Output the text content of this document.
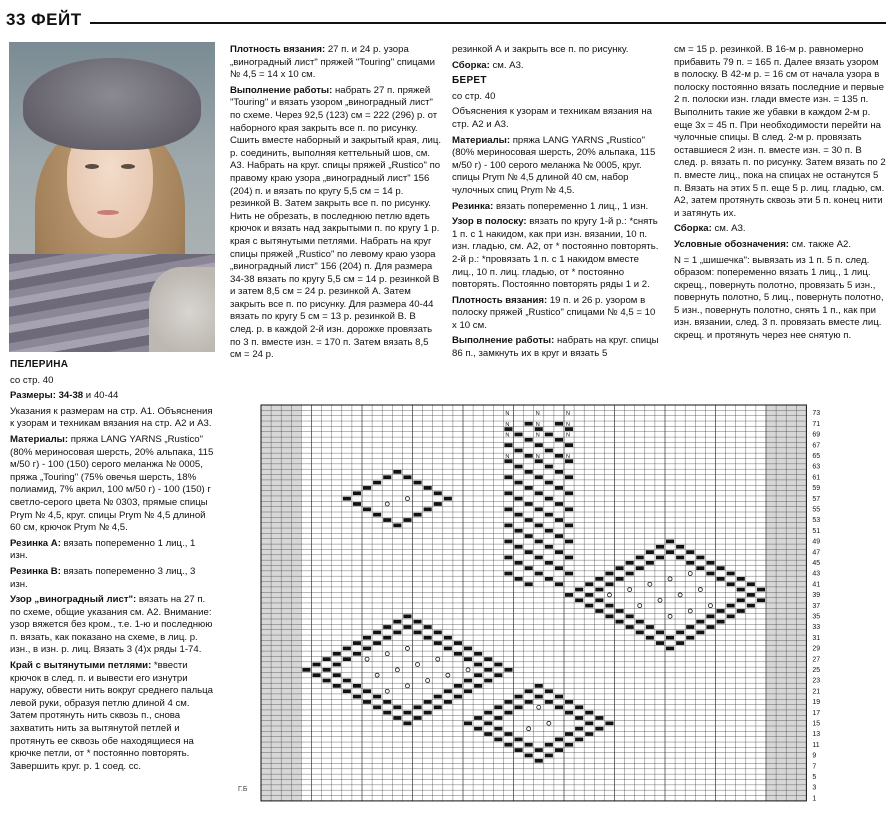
33 ФЕЙТ

ПЕЛЕРИНА

со стр. 40

Размеры: 34-38 и 40-44

Указания к размерам на стр. А1. Объяснения к узорам и техникам вязания на стр. А2 и А3.

Материалы: пряжа LANG YARNS „Rustico" (80% мериносовая шерсть, 20% альпака, 115 м/50 г) - 100 (150) серого меланжа № 0005, пряжа „Touring" (75% овечья шерсть, 18% полиамид, 7% акрил, 100 м/50 г) - 100 (150) г светло-серого цвета № 0303, прямые спицы Prym № 4,5, круг. спицы Prym № 4,5 длиной 60 см, крючок Prym № 4,5.

Резинка А: вязать попеременно 1 лиц., 1 изн.

Резинка В: вязать попеременно 3 лиц., 3 изн.

Узор „виноградный лист": вязать на 27 п. по схеме, общие указания см. А2. Внимание: узор вяжется без кром., т.е. 1-ю и последнюю п. вязать, как показано на схеме, в лиц. р. изн., в изн. р. лиц. Вязать 3 (4)х ряды 1-74.

Край с вытянутыми петлями: *ввести крючок в след. п. и вывести его изнутри наружу, обвести нить вокруг среднего пальца левой руки, образуя петлю длиной 4 см. Затем протянуть нить сквозь п., снова захватить нить за вытянутой петлей и протянуть ее сквозь обе находящиеся на крючке петли, от * постоянно повторять. Завершить круг. р. 1 соед. сс.

Плотность вязания: 27 п. и 24 р. узора „виноградный лист" пряжей "Touring" спицами № 4,5 = 14 x 10 см.

Выполнение работы: набрать 27 п. пряжей "Touring" и вязать узором „виноградный лист" по схеме. Через 92,5 (123) см = 222 (296) р. от наборного края закрыть все п. по рисунку. Сшить вместе наборный и закрытый края, лиц. р. соединить, выполняя кеттельный шов, см. А3. Набрать на круг. спицы пряжей „Rustico" по правому краю узора „виноградный лист" 156 (204) п. и вязать по кругу 5,5 см = 14 р. резинкой В. Затем закрыть все п. по рисунку. Нить не обрезать, в последнюю петлю вдеть крючок и вязать над закрытыми п. по кругу 1 р. края с вытянутыми петлями. Набрать на круг спицы пряжей „Rustico" по левому краю узора „виноградный лист" 156 (204) п. Для размера 34-38 вязать по кругу 5,5 см = 14 р. резинкой В и затем 8,5 см = 24 р. резинкой А. Затем закрыть все п. по рисунку. Для размера 40-44 вязать по кругу 5 см = 13 р. резинкой В. В след. р. в каждой 2-й изн. дорожке провязать по 3 п. вместе изн. = 170 п. Затем вязать 8,5 см = 24 р.

резинкой А и закрыть все п. по рисунку.

Сборка: см. А3.

БЕРЕТ

со стр. 40

Объяснения к узорам и техникам вязания на стр. А2 и А3.

Материалы: пряжа LANG YARNS „Rustico" (80% мериносовая шерсть, 20% альпака, 115 м/50 г) - 100 серого меланжа № 0005, круг. спицы Prym № 4,5 длиной 40 см, набор чулочных спиц Prym № 4,5.

Резинка: вязать попеременно 1 лиц., 1 изн.

Узор в полоску: вязать по кругу 1-й р.: *снять 1 п. с 1 накидом, как при изн. вязании, 10 п. изн. гладью, см. А2, от * постоянно повторять. 2-й р.: *провязать 1 п. с 1 накидом вместе лиц., 10 п. лиц. гладью, от * постоянно повторять. Постоянно повторять ряды 1 и 2.

Плотность вязания: 19 п. и 26 р. узором в полоску пряжей „Rustico" спицами № 4,5 = 10 x 10 см.

Выполнение работы: набрать на круг. спицы 86 п., замкнуть их в круг и вязать 5

см = 15 р. резинкой. В 16-м р. равномерно прибавить 79 п. = 165 п. Далее вязать узором в полоску. В 42-м р. = 16 см от начала узора в полоску постоянно вязать последние и первые 2 п. полоски изн. глади вместе изн. = 135 п. Выполнить такие же убавки в каждом 2-м р. еще 3х = 45 п. При необходимости перейти на чулочные спицы. В след. 2-м р. провязать оставшиеся 2 изн. п. вместе изн. = 30 п. В след. р. вязать п. по рисунку. Затем вязать по 2 п. вместе лиц., пока на спицах не останутся 5 п. Вязать на этих 5 п. еще 5 р. лиц. гладью, см. А2, затем протянуть сквозь эти 5 п. конец нити и затянуть их.

Сборка: см. А3.

Условные обозначения: см. также А2.

N = 1 „шишечка": вывязать из 1 п. 5 п. след. образом: попеременно вязать 1 лиц., 1 лиц. скрещ., повернуть полотно, провязать 5 изн., повернуть полотно, 5 лиц., повернуть полотно, 5 изн., повернуть полотно, снять 1 п., как при изн. вязании, след. 3 п. провязать вместе лиц. скрещ. и протянуть через нее снятую п.

N	N	N
N	N	N
N	N	N
N	N	N
1
3
5
7
9
11
13
15
17
19
21
23
25
27
29
31
33
35
37
39
41
43
45
47
49
51
53
55
57
59
61
63
65
67
69
71
73
Г.Б
